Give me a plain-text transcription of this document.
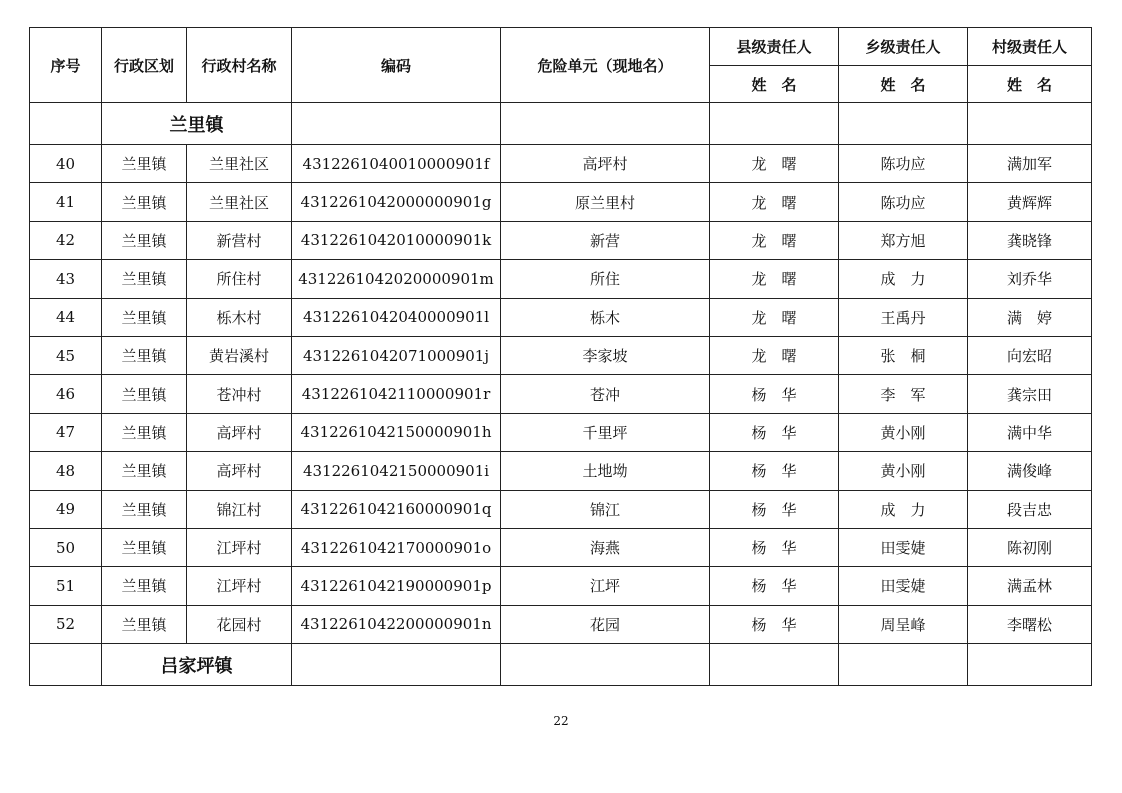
序号	行政区划	行政村名称	编码	危险单元（现地名）	县级责任人	乡级责任人	村级责任人
					姓　名	姓　名	姓　名
	兰里镇						
40	兰里镇	兰里社区	4312261040010000901f	高坪村	龙　曙	陈功应	满加军
41	兰里镇	兰里社区	4312261042000000901g	原兰里村	龙　曙	陈功应	黄辉辉
42	兰里镇	新营村	4312261042010000901k	新营	龙　曙	郑方旭	龚晓锋
43	兰里镇	所住村	4312261042020000901m	所住	龙　曙	成　力	刘乔华
44	兰里镇	栎木村	4312261042040000901l	栎木	龙　曙	王禹丹	满　婷
45	兰里镇	黄岩溪村	4312261042071000901j	李家坡	龙　曙	张　桐	向宏昭
46	兰里镇	苍冲村	4312261042110000901r	苍冲	杨　华	李　军	龚宗田
47	兰里镇	高坪村	4312261042150000901h	千里坪	杨　华	黄小刚	满中华
48	兰里镇	高坪村	4312261042150000901i	土地坳	杨　华	黄小刚	满俊峰
49	兰里镇	锦江村	4312261042160000901q	锦江	杨　华	成　力	段吉忠
50	兰里镇	江坪村	4312261042170000901o	海燕	杨　华	田雯婕	陈初刚
51	兰里镇	江坪村	4312261042190000901p	江坪	杨　华	田雯婕	满孟林
52	兰里镇	花园村	4312261042200000901n	花园	杨　华	周呈峰	李曙松
	吕家坪镇						
22
